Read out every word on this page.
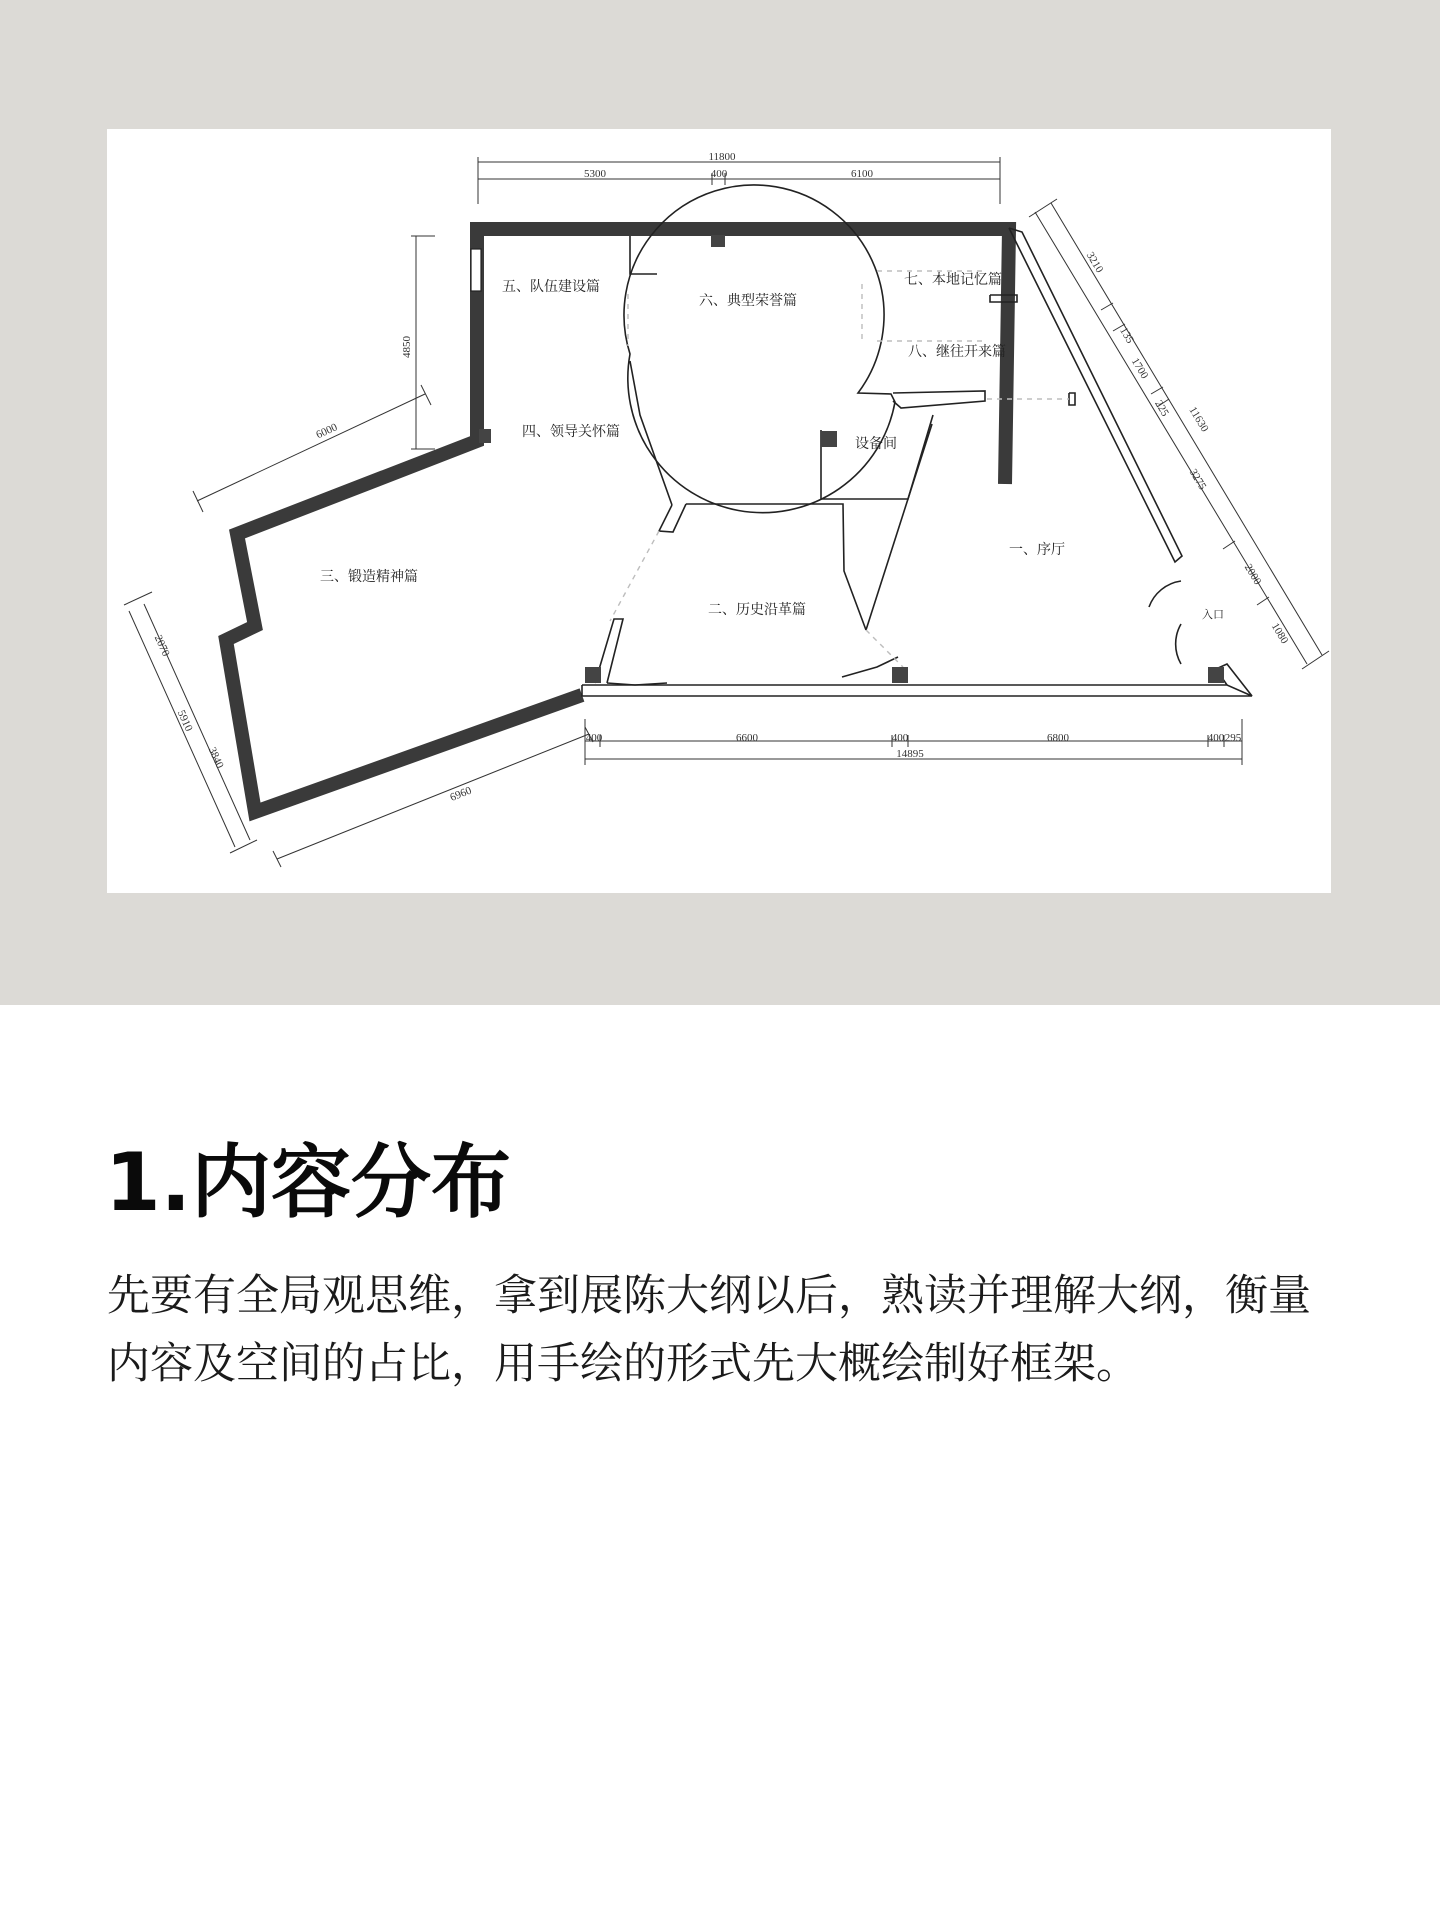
一、序厅
二、历史沿革篇
三、锻造精神篇
四、领导关怀篇
五、队伍建设篇
六、典型荣誉篇
七、本地记忆篇
八、继往开来篇
设备间
入口
11800
5300	400	6100
4850
6000
2070
5910
3840
6960
400	6600	400	6800	400 295
14895
3210
135
1700
225
3275
11630
2000
1080
1.内容分布

先要有全局观思维，拿到展陈大纲以后，熟读并理解大纲，衡量内容及空间的占比，用手绘的形式先大概绘制好框架。
